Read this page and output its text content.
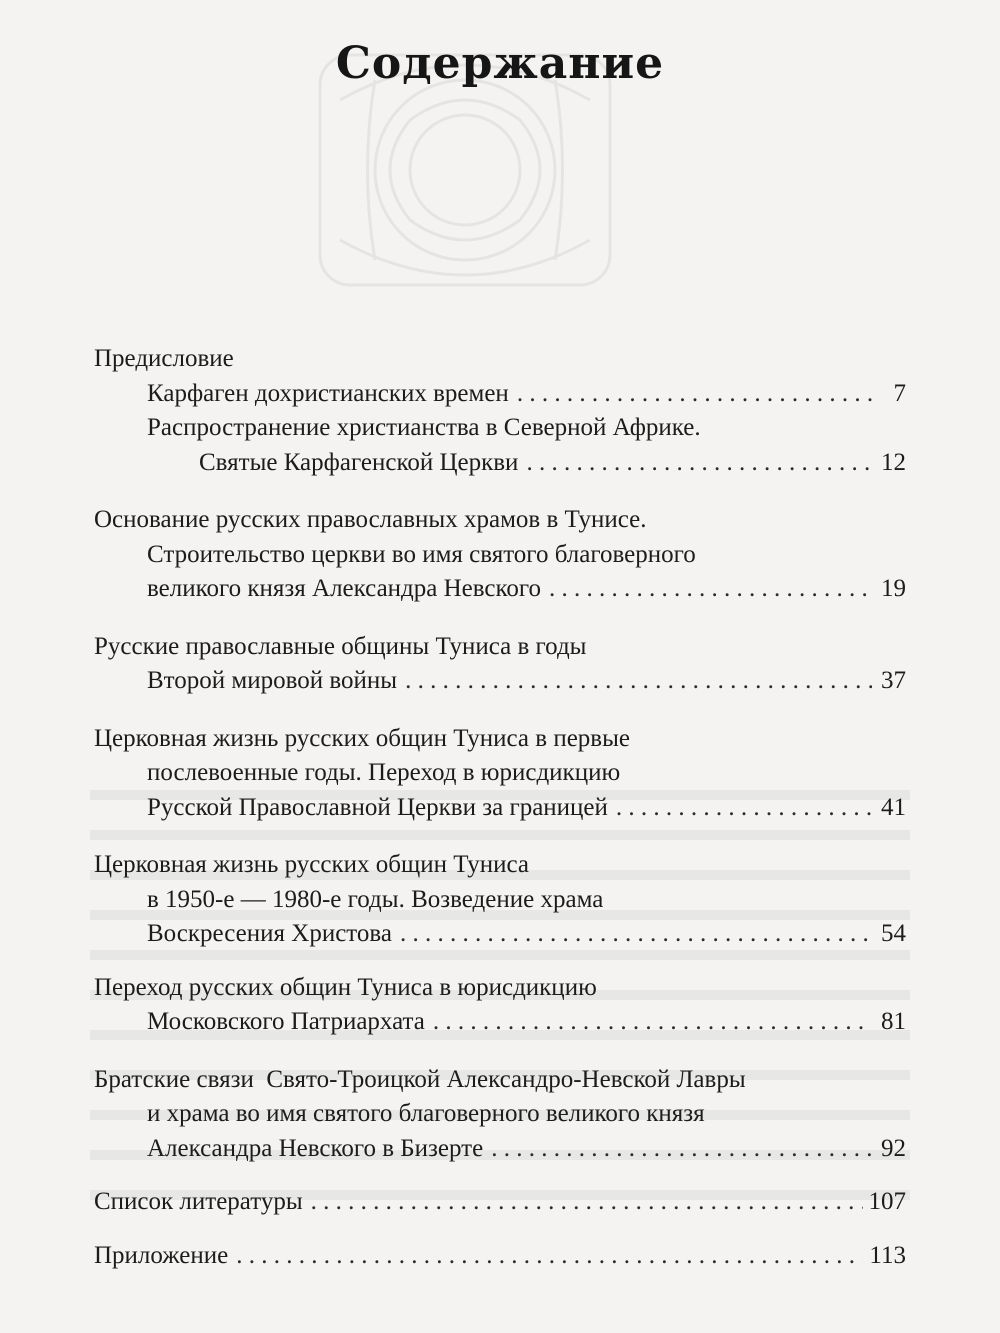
Содержание
Предисловие
Карфаген дохристианских времен . . .	7
Распространение христианства в Северной Африке.
Святые Карфагенской Церкви . . .	12
Основание русских православных храмов в Тунисе.
Строительство церкви во имя святого благоверного
великого князя Александра Невского . . .	19
Русские православные общины Туниса в годы
Второй мировой войны . . .	37
Церковная жизнь русских общин Туниса в первые
послевоенные годы. Переход в юрисдикцию
Русской Православной Церкви за границей . . .	41
Церковная жизнь русских общин Туниса
в 1950-е — 1980-е годы. Возведение храма
Воскресения Христова . . .	54
Переход русских общин Туниса в юрисдикцию
Московского Патриархата . . .	81
Братские связи  Свято-Троицкой Александро-Невской Лавры
и храма во имя святого благоверного великого князя
Александра Невского в Бизерте . . .	92
Список литературы . . .	107
Приложение . . .	113
